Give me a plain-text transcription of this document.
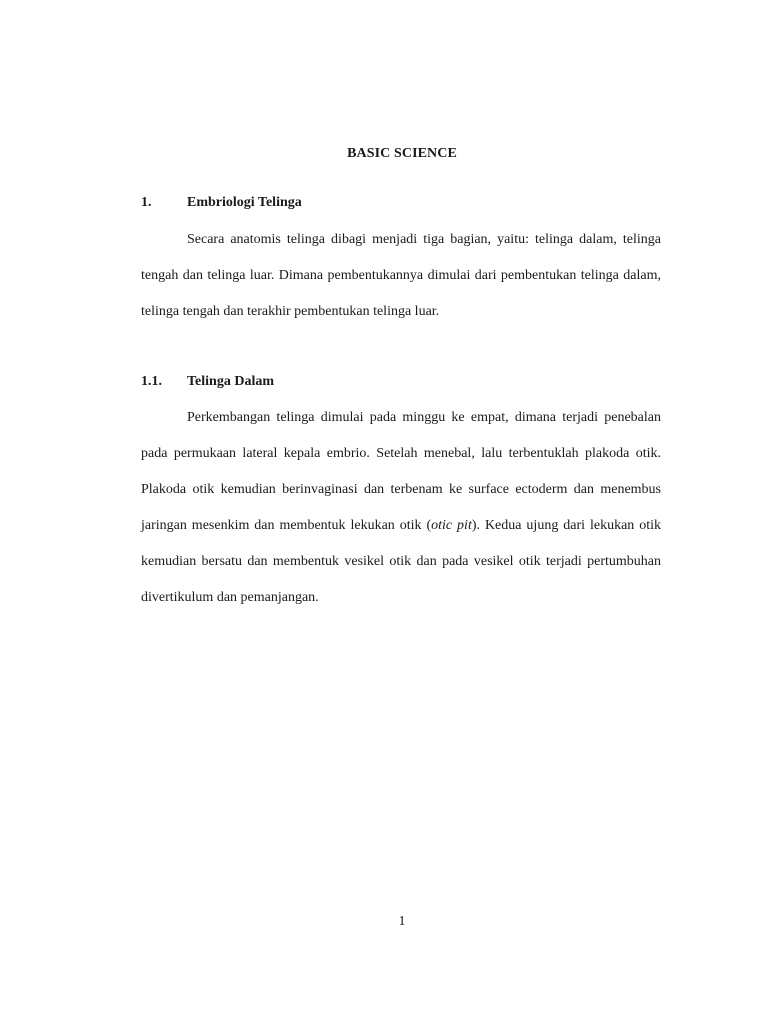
BASIC SCIENCE
1.	Embriologi Telinga

Secara anatomis telinga dibagi menjadi tiga bagian, yaitu: telinga dalam, telinga tengah dan telinga luar. Dimana pembentukannya dimulai dari pembentukan telinga dalam, telinga tengah dan terakhir pembentukan telinga luar.

1.1. Telinga Dalam

Perkembangan telinga dimulai pada minggu ke empat, dimana terjadi penebalan pada permukaan lateral kepala embrio. Setelah menebal, lalu terbentuklah plakoda otik. Plakoda otik kemudian berinvaginasi dan terbenam ke surface ectoderm dan menembus jaringan mesenkim dan membentuk lekukan otik (otic pit). Kedua ujung dari lekukan otik kemudian bersatu dan membentuk vesikel otik dan pada vesikel otik terjadi pertumbuhan divertikulum dan pemanjangan.

1
